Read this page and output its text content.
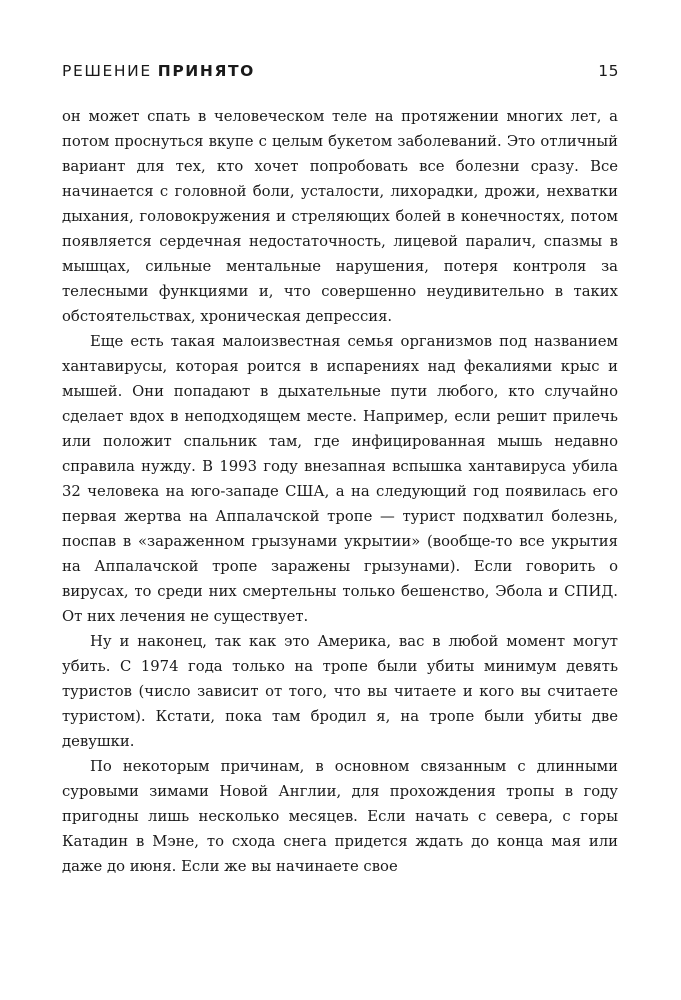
РЕШЕНИЕ ПРИНЯТО	15

он может спать в человеческом теле на протяжении многих лет, а потом проснуться вкупе с целым букетом заболеваний. Это отличный вариант для тех, кто хочет попробовать все болезни сразу. Все начинается с головной боли, усталости, лихорадки, дрожи, нехватки дыхания, головокружения и стреляющих болей в конечностях, потом появляется сердечная недостаточность, лицевой паралич, спазмы в мышцах, сильные ментальные нарушения, потеря контроля за телесными функциями и, что совершенно неудивительно в таких обстоятельствах, хроническая депрессия.

Еще есть такая малоизвестная семья организмов под названием хантавирусы, которая роится в испарениях над фекалиями крыс и мышей. Они попадают в дыхательные пути любого, кто случайно сделает вдох в неподходящем месте. Например, если решит прилечь или положит спальник там, где инфицированная мышь недавно справила нужду. В 1993 году внезапная вспышка хантавируса убила 32 человека на юго-западе США, а на следующий год появилась его первая жертва на Аппалачской тропе — турист подхватил болезнь, поспав в «зараженном грызунами укрытии» (вообще-то все укрытия на Аппалачской тропе заражены грызунами). Если говорить о вирусах, то среди них смертельны только бешенство, Эбола и СПИД. От них лечения не существует.

Ну и наконец, так как это Америка, вас в любой момент могут убить. С 1974 года только на тропе были убиты минимум девять туристов (число зависит от того, что вы читаете и кого вы считаете туристом). Кстати, пока там бродил я, на тропе были убиты две девушки.

По некоторым причинам, в основном связанным с длинными суровыми зимами Новой Англии, для прохождения тропы в году пригодны лишь несколько месяцев. Если начать с севера, с горы Катадин в Мэне, то схода снега придется ждать до конца мая или даже до июня. Если же вы начинаете свое
